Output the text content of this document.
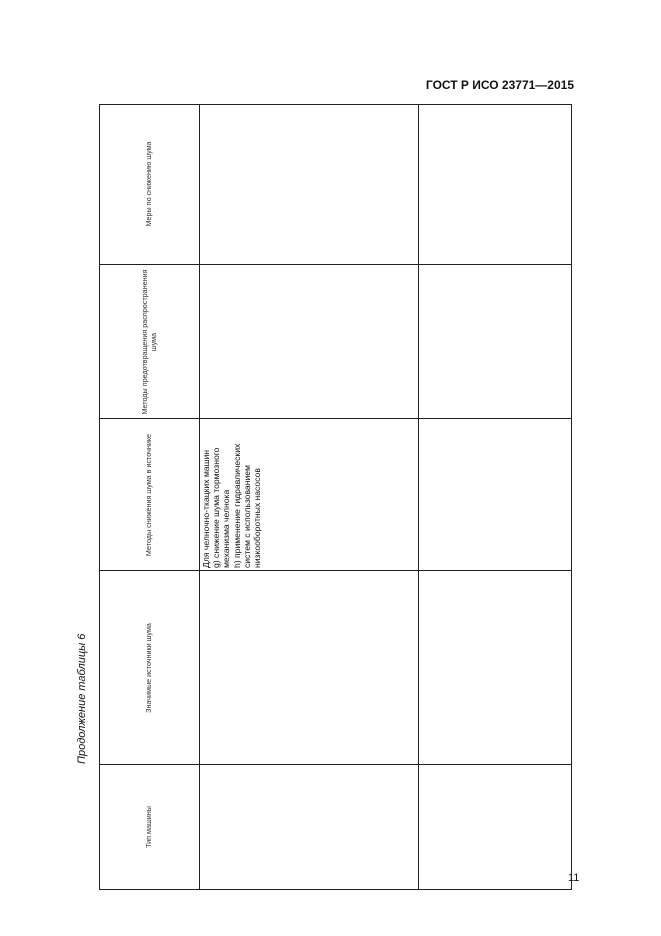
ГОСТ Р ИСО 23771—2015
Продолжение таблицы 6
11
Тип машины
Значимые источники шума
Методы снижения шума в источнике
Методы предотвращения распространения шума
Меры по снижению шума
Для челночно-ткацких машин g) снижение шума тормозного механизма челнока h) применение гидравлических систем с использованием низкооборотных насосов
